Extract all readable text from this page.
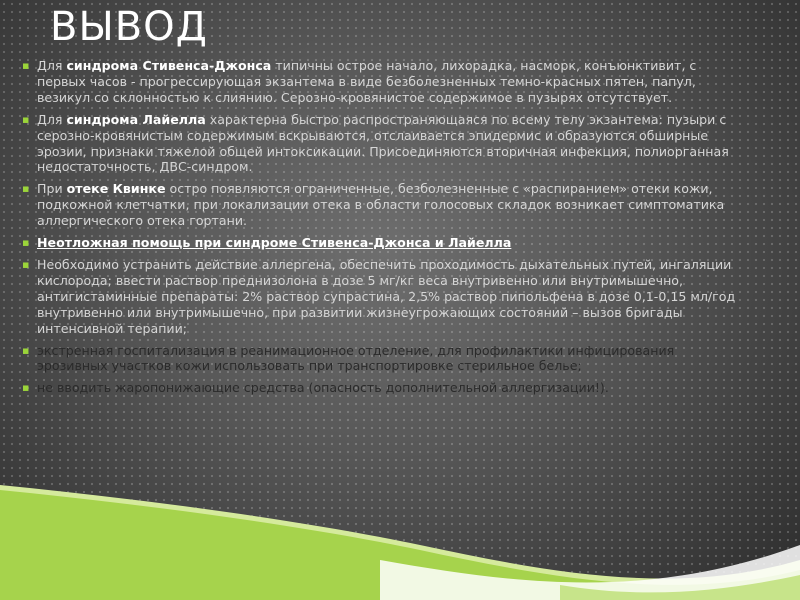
ВЫВОД
▪ Для синдрома Стивенса-Джонса типичны острое начало, лихорадка, насморк, конъюнктивит, с первых часов - прогрессирующая экзантема в виде безболезненных темно-красных пятен, папул, везикул со склонностью к слиянию. Серозно-кровянистое содержимое в пузырях отсутствует.
▪ Для синдрома Лайелла характерна быстро распространяющаяся по всему телу экзантема: пузыри с серозно-кровянистым содержимым вскрываются, отслаивается эпидермис и образуются обширные эрозии, признаки тяжелой общей интоксикации. Присоединяются вторичная инфекция, полиорганная недостаточность, ДВС-синдром.
▪ При отеке Квинке остро появляются ограниченные, безболезненные с «распиранием» отеки кожи, подкожной клетчатки, при локализации отека в области голосовых складок возникает симптоматика аллергического отека гортани.
▪ Неотложная помощь при синдроме Стивенса-Джонса и Лайелла
▪ Необходимо устранить действие аллергена, обеспечить проходимость дыхательных путей, ингаляции кислорода; ввести раствор преднизолона в дозе 5 мг/кг веса внутривенно или внутримышечно, антигистаминные препараты: 2% раствор супрастина, 2,5% раствор пипольфена в дозе 0,1-0,15 мл/год внутривенно или внутримышечно, при развитии жизнеугрожающих состояний – вызов бригады интенсивной терапии;
▪ экстренная госпитализация в реанимационное отделение, для профилактики инфицирования эрозивных участков кожи использовать при транспортировке стерильное белье;
▪ не вводить жаропонижающие средства (опасность дополнительной аллергизации!).
